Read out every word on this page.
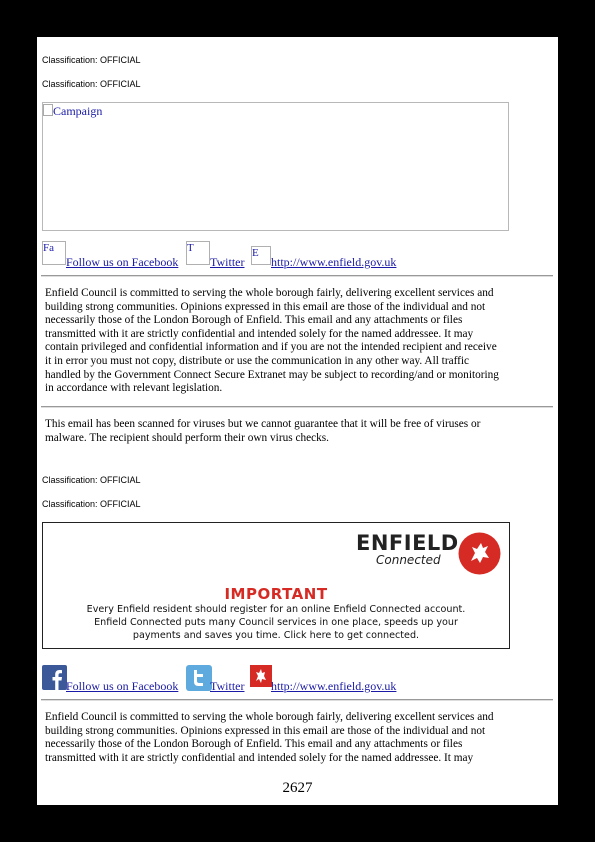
Classification: OFFICIAL
Classification: OFFICIAL
Campaign
Fa
Follow us on Facebook
T
Twitter
E
http://www.enfield.gov.uk
Enfield Council is committed to serving the whole borough fairly, delivering excellent services and
building strong communities. Opinions expressed in this email are those of the individual and not
necessarily those of the London Borough of Enfield. This email and any attachments or files
transmitted with it are strictly confidential and intended solely for the named addressee. It may
contain privileged and confidential information and if you are not the intended recipient and receive
it in error you must not copy, distribute or use the communication in any other way. All traffic
handled by the Government Connect Secure Extranet may be subject to recording/and or monitoring
in accordance with relevant legislation.
This email has been scanned for viruses but we cannot guarantee that it will be free of viruses or
malware. The recipient should perform their own virus checks.
Classification: OFFICIAL
Classification: OFFICIAL
ENFIELD
Connected
IMPORTANT
Every Enfield resident should register for an online Enfield Connected account.
Enfield Connected puts many Council services in one place, speeds up your
payments and saves you time. Click here to get connected.
Follow us on Facebook	Twitter http://www.enfield.gov.uk
Enfield Council is committed to serving the whole borough fairly, delivering excellent services and
building strong communities. Opinions expressed in this email are those of the individual and not
necessarily those of the London Borough of Enfield. This email and any attachments or files
transmitted with it are strictly confidential and intended solely for the named addressee. It may
2627
